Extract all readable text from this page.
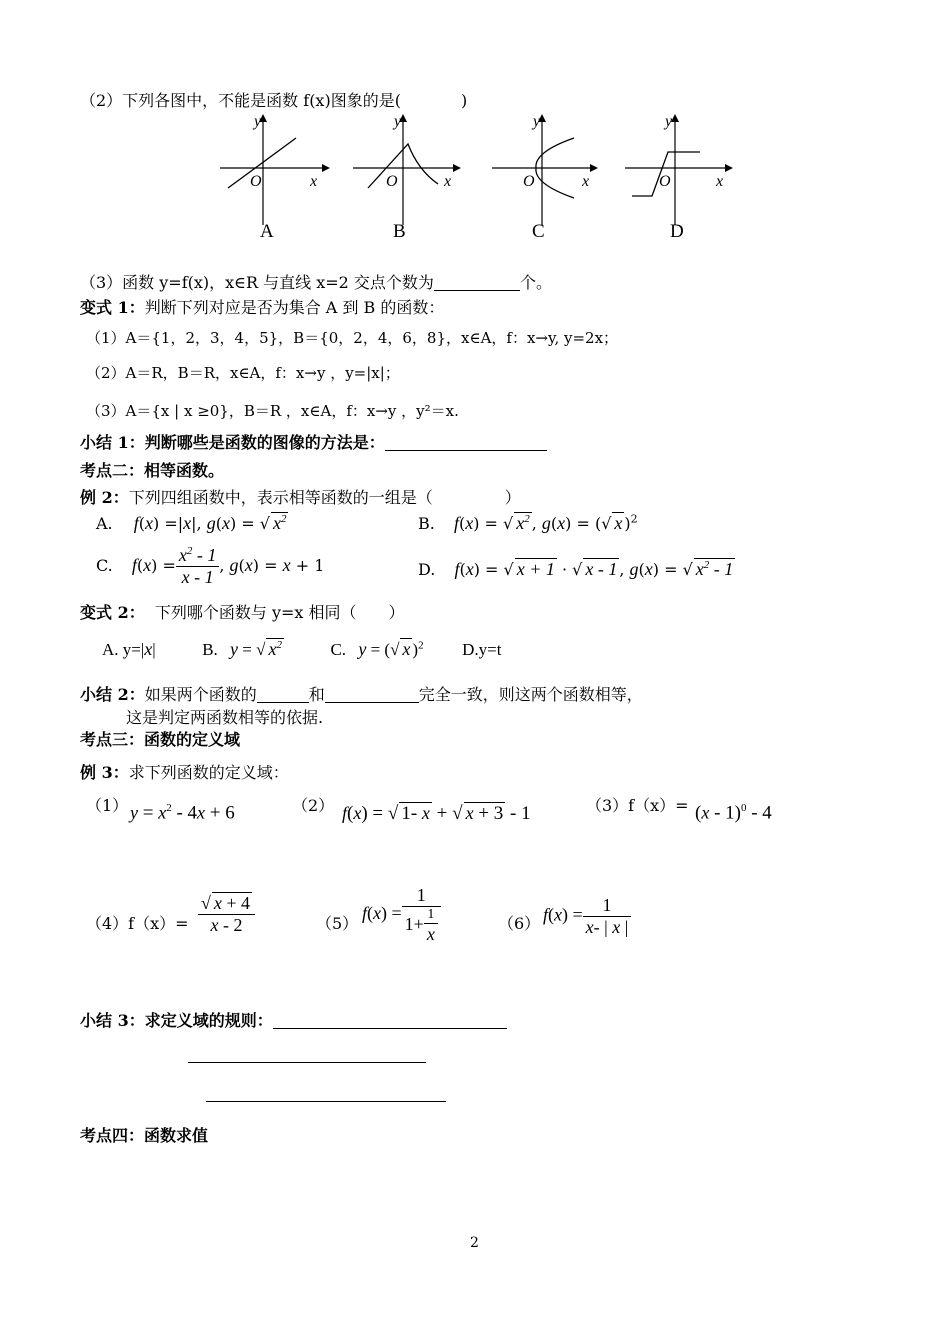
（2）下列各图中，不能是函数 f(x)图象的是(	)
y
x
O
A
y
x
O
B
y
x
O
C
y
x
O
D
（3）函数 y=f(x)，x∈R 与直线 x=2 交点个数为	个。
变式 1：判断下列对应是否为集合 A 到 B 的函数：
（1）A＝{1，2，3，4，5}，B＝{0，2，4，6，8}，x∈A，f：x→y, y=2x；
（2）A＝R，B＝R，x∈A，f：x→y ，y=|x|；
（3）A＝{x | x ≥0}，B＝R ，x∈A，f：x→y ，y²＝x.
小结 1：判断哪些是函数的图像的方法是：
考点二：相等函数。
例 2：下列四组函数中，表示相等函数的一组是（	）
A. f(x) =|x|, g(x) = √ $x^2$	B. f(x) = √ $x^2$ , g(x) = (√ x )$^2$
C. $f(x) = \frac{x^2 - 1}{x - 1}$ , g(x) = x + 1	D. f(x) = √ x + 1 · √ x - 1 , g(x) = √ $x^2 - 1$
变式 2： 下列哪个函数与 y=x 相同（ ）
A. y=|x|	B. y = √ $x^2$	C. y = (√ x )$^2$ D.y=t
小结 2：如果两个函数的	和	完全一致，则这两个函数相等，
这是判定两函数相等的依据.
考点三：函数的定义域
例 3：求下列函数的定义域：
（1） $y = x^2 - 4x + 6$	（2） f(x) = √ 1- x + √ x + 3 - 1	（3）f（x）= (x - 1)$^0$ - 4
$(4)f(x)= \frac{√ x + 4}{x - 2}$	（5）
$f(x) = \frac{1}{1+ \frac{1}{x}}$	（6） $f(x) = \frac{1}{x- | x |}$
小结 3：求定义域的规则：
考点四：函数求值
2
